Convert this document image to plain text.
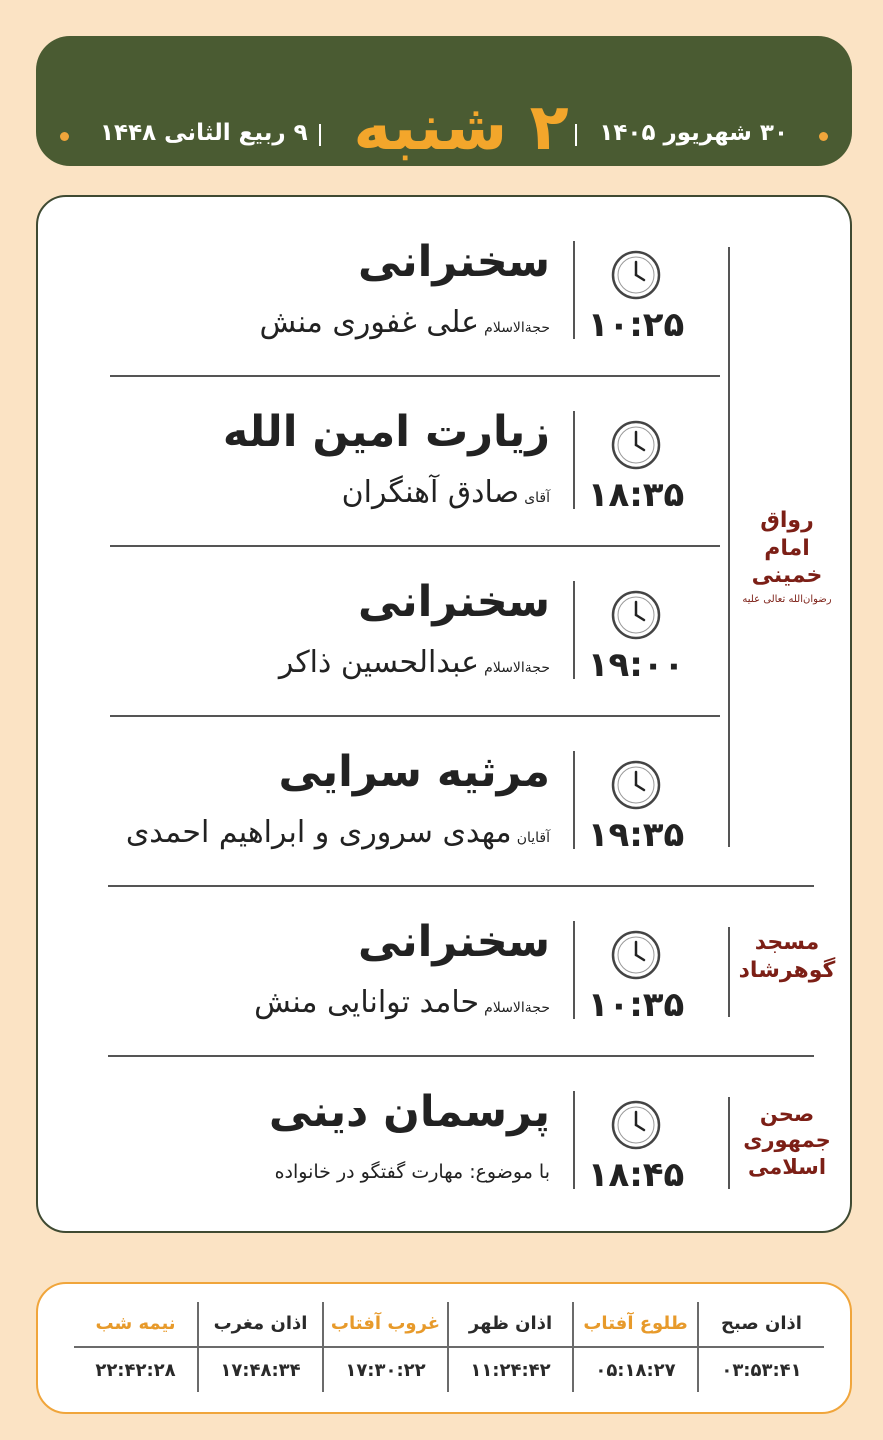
۳۰ شهریور ۱۴۰۵
۲ شنبه
۹ ربیع الثانی ۱۴۴۸
رواق
امام خمینی
رضوان‌الله تعالی علیه
مسجد
گوهرشاد
صحن
جمهوری
اسلامی
۱۰:۲۵
سخنرانی
حجة‌الاسلام علی غفوری منش
۱۸:۳۵
زیارت امین الله
آقای صادق آهنگران
۱۹:۰۰
سخنرانی
حجة‌الاسلام عبدالحسین ذاکر
۱۹:۳۵
مرثیه سرایی
آقایان مهدی سروری و ابراهیم احمدی
۱۰:۳۵
سخنرانی
حجة‌الاسلام حامد توانایی منش
۱۸:۴۵
پرسمان دینی
با موضوع: مهارت گفتگو در خانواده
اذان صبح
۰۳:۵۳:۴۱
طلوع آفتاب
۰۵:۱۸:۲۷
اذان ظهر
۱۱:۲۴:۴۲
غروب آفتاب
۱۷:۳۰:۲۲
اذان مغرب
۱۷:۴۸:۳۴
نیمه شب
۲۲:۴۲:۲۸
